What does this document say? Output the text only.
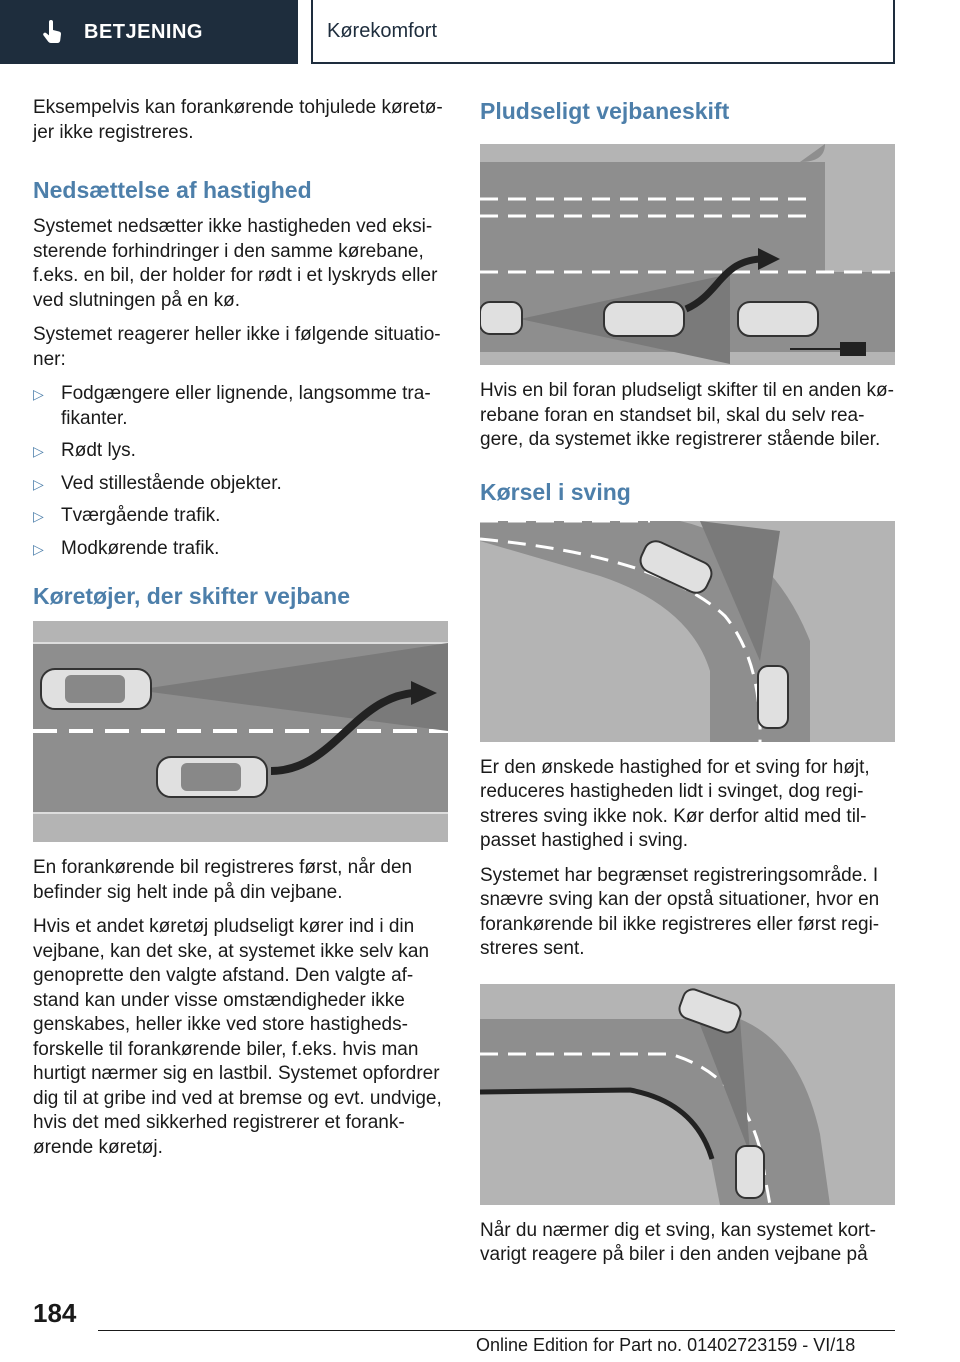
BETJENING	Kørekomfort

Eksempelvis kan forankørende tohjulede køretø-jer ikke registreres.

Nedsættelse af hastighed

Systemet nedsætter ikke hastigheden ved eksi-sterende forhindringer i den samme kørebane, f.eks. en bil, der holder for rødt i et lyskryds eller ved slutningen på en kø.

Systemet reagerer heller ikke i følgende situatio-ner:

▷ Fodgængere eller lignende, langsomme tra-fikanter.
▷ Rødt lys.
▷ Ved stillestående objekter.
▷ Tværgående trafik.
▷ Modkørende trafik.
Køretøjer, der skifter vejbane

En forankørende bil registreres først, når den befinder sig helt inde på din vejbane.

Hvis et andet køretøj pludseligt kører ind i din vejbane, kan det ske, at systemet ikke selv kan genoprette den valgte afstand. Den valgte af-stand kan under visse omstændigheder ikke genskabes, heller ikke ved store hastigheds-forskelle til forankørende biler, f.eks. hvis man hurtigt nærmer sig en lastbil. Systemet opfordrer dig til at gribe ind ved at bremse og evt. undvige, hvis det med sikkerhed registrerer et forank-ørende køretøj.

Pludseligt vejbaneskift

Hvis en bil foran pludseligt skifter til en anden kø-rebane foran en standset bil, skal du selv rea-gere, da systemet ikke registrerer stående biler.

Kørsel i sving

Er den ønskede hastighed for et sving for højt, reduceres hastigheden lidt i svinget, dog regi-streres sving ikke nok. Kør derfor altid med til-passet hastighed i sving.

Systemet har begrænset registreringsområde. I snævre sving kan der opstå situationer, hvor en forankørende bil ikke registreres eller først regi-streres sent.

Når du nærmer dig et sving, kan systemet kort-varigt reagere på biler i den anden vejbane på

184
Online Edition for Part no. 01402723159 - VI/18
